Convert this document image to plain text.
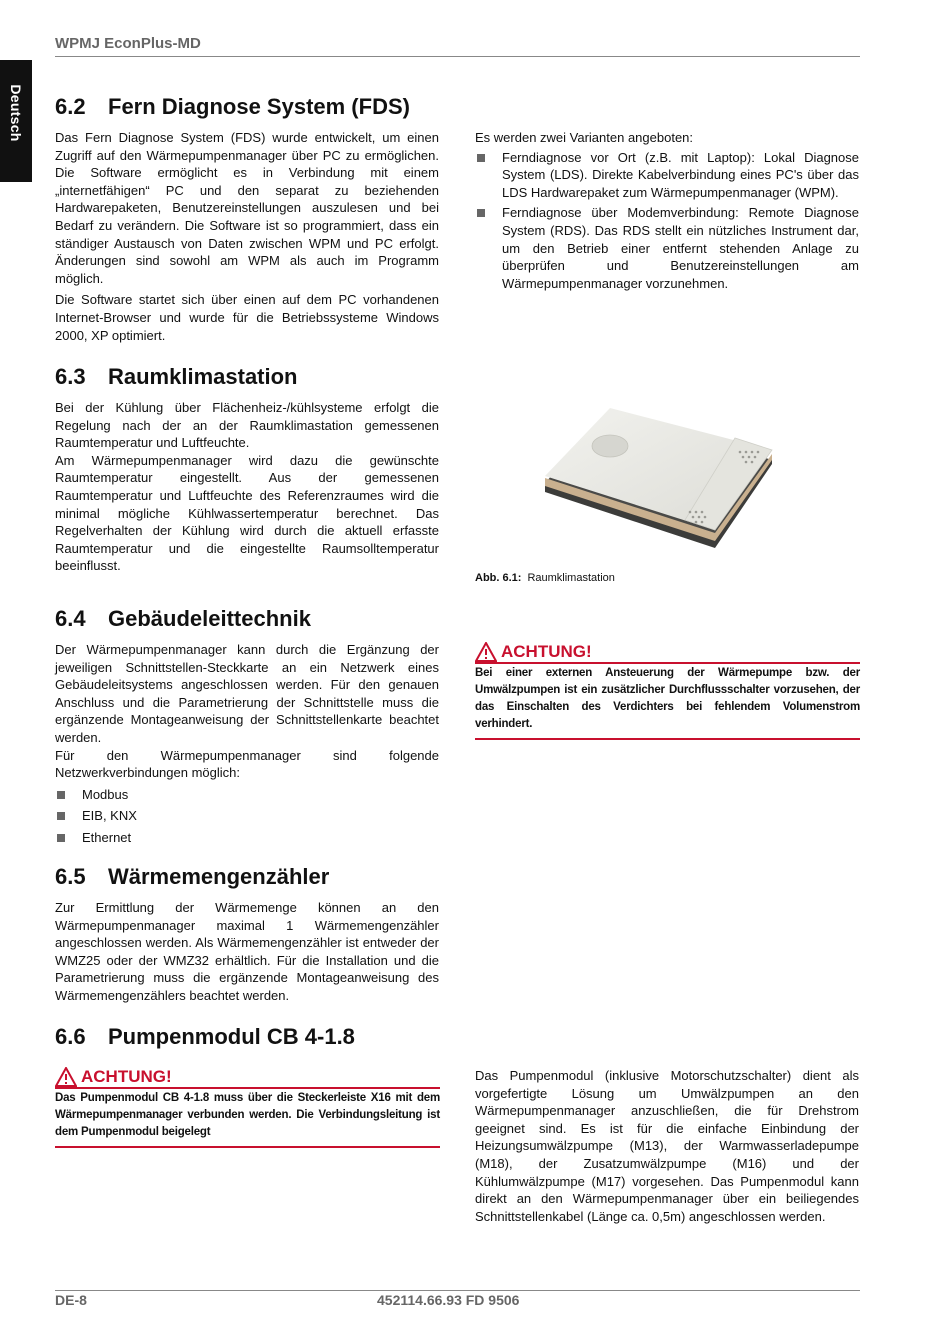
WPMJ EconPlus-MD
Deutsch 6.2 Fern Diagnose System (FDS)

Das Fern Diagnose System (FDS) wurde entwickelt, um einen Zugriff auf den Wärmepumpenmanager über PC zu ermöglichen. Die Software ermöglicht es in Verbindung mit einem „internetfähigen“ PC und den separat zu beziehenden Hardwarepaketen, Benutzereinstellungen auszulesen und bei Bedarf zu verändern. Die Software ist so programmiert, dass ein ständiger Austausch von Daten zwischen WPM und PC erfolgt. Änderungen sind sowohl am WPM als auch im Programm möglich.

Die Software startet sich über einen auf dem PC vorhandenen Internet-Browser und wurde für die Betriebssysteme Windows 2000, XP optimiert.

Es werden zwei Varianten angeboten:

Ferndiagnose vor Ort (z.B. mit Laptop): Lokal Diagnose System (LDS). Direkte Kabelverbindung eines PC's über das LDS Hardwarepaket zum Wärmepumpenmanager (WPM).
Ferndiagnose über Modemverbindung: Remote Diagnose System (RDS). Das RDS stellt ein nützliches Instrument dar, um den Betrieb einer entfernt stehenden Anlage zu überprüfen und Benutzereinstellungen am Wärmepumpenmanager vorzunehmen.
6.3 Raumklimastation

Bei der Kühlung über Flächenheiz-/kühlsysteme erfolgt die Regelung nach der an der Raumklimastation gemessenen Raumtemperatur und Luftfeuchte.

Am Wärmepumpenmanager wird dazu die gewünschte Raumtemperatur eingestellt. Aus der gemessenen Raumtemperatur und Luftfeuchte des Referenzraumes wird die minimal mögliche Kühlwassertemperatur berechnet. Das Regelverhalten der Kühlung wird durch die aktuell erfasste Raumtemperatur und die eingestellte Raumsolltemperatur beeinflusst.

Abb. 6.1: Raumklimastation
6.4 Gebäudeleittechnik

Der Wärmepumpenmanager kann durch die Ergänzung der jeweiligen Schnittstellen-Steckkarte an ein Netzwerk eines Gebäudeleitsystems angeschlossen werden. Für den genauen Anschluss und die Parametrierung der Schnittstelle muss die ergänzende Montageanweisung der Schnittstellenkarte beachtet werden.

Für den Wärmepumpenmanager sind folgende Netzwerkverbindungen möglich:

Modbus
EIB, KNX
Ethernet
ACHTUNG!
Bei einer externen Ansteuerung der Wärmepumpe bzw. der Umwälzpumpen ist ein zusätzlicher Durchflussschalter vorzusehen, der das Einschalten des Verdichters bei fehlendem Volumenstrom verhindert.
6.5 Wärmemengenzähler

Zur Ermittlung der Wärmemenge können an den Wärmepumpenmanager maximal 1 Wärmemengenzähler angeschlossen werden. Als Wärmemengenzähler ist entweder der WMZ25 oder der WMZ32 erhältlich. Für die Installation und die Parametrierung muss die ergänzende Montageanweisung des Wärmemengenzählers beachtet werden.

6.6 Pumpenmodul CB 4-1.8
ACHTUNG!
Das Pumpenmodul CB 4-1.8 muss über die Steckerleiste X16 mit dem Wärmepumpenmanager verbunden werden. Die Verbindungsleitung ist dem Pumpenmodul beigelegt

Das Pumpenmodul (inklusive Motorschutzschalter) dient als vorgefertigte Lösung um Umwälzpumpen an den Wärmepumpenmanager anzuschließen, die für Drehstrom geeignet sind. Es ist für die einfache Einbindung der Heizungsumwälzpumpe (M13), der Warmwasserladepumpe (M18), der Zusatzumwälzpumpe (M16) und der Kühlumwälzpumpe (M17) vorgesehen. Das Pumpenmodul kann direkt an den Wärmepumpenmanager über ein beiliegendes Schnittstellenkabel (Länge ca. 0,5m) angeschlossen werden.

DE-8	452114.66.93 FD 9506
